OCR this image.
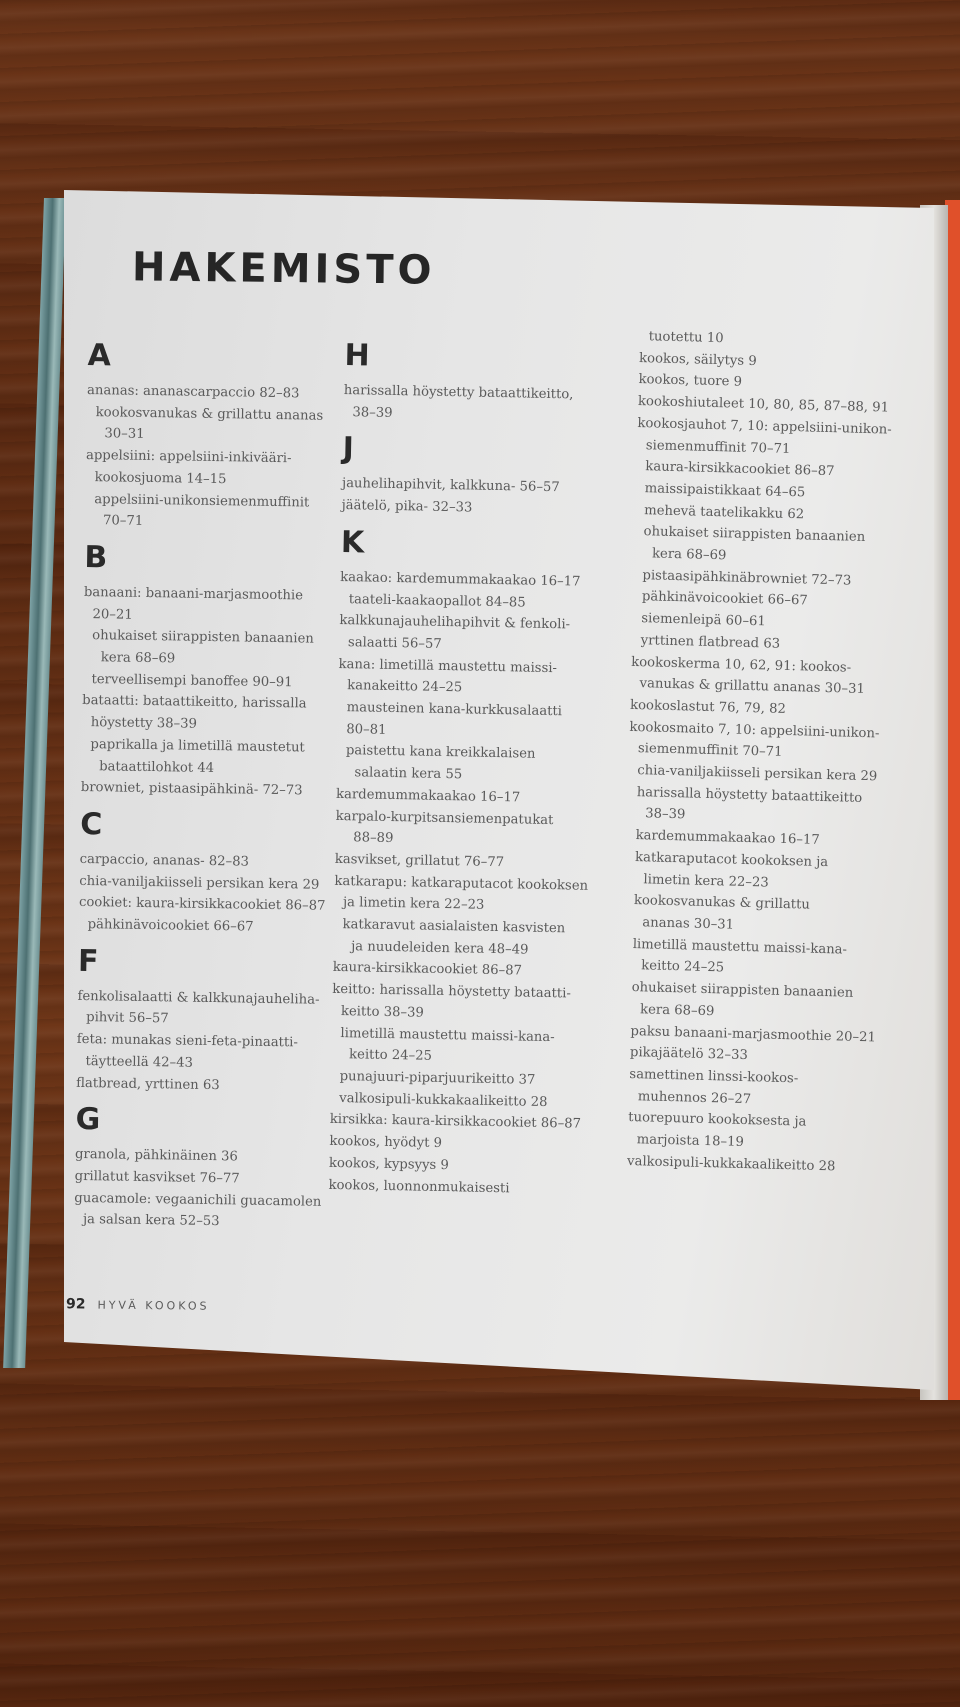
HAKEMISTO
A
ananas: ananascarpaccio 82–83
kookosvanukas & grillattu ananas
30–31
appelsiini: appelsiini-inkivääri-
kookosjuoma 14–15
appelsiini-unikonsiemenmuffinit
70–71
B
banaani: banaani-marjasmoothie
20–21
ohukaiset siirappisten banaanien
kera 68–69
terveellisempi banoffee 90–91
bataatti: bataattikeitto, harissalla
höystetty 38–39
paprikalla ja limetillä maustetut
bataattilohkot 44
browniet, pistaasipähkinä- 72–73
C
carpaccio, ananas- 82–83
chia-vaniljakiisseli persikan kera 29
cookiet: kaura-kirsikkacookiet 86–87
pähkinävoicookiet 66–67
F
fenkolisalaatti & kalkkunajauheliha-
pihvit 56–57
feta: munakas sieni-feta-pinaatti-
täytteellä 42–43
flatbread, yrttinen 63
G
granola, pähkinäinen 36
grillatut kasvikset 76–77
guacamole: vegaanichili guacamolen
ja salsan kera 52–53
H
harissalla höystetty bataattikeitto,
38–39
J
jauhelihapihvit, kalkkuna- 56–57
jäätelö, pika- 32–33
K
kaakao: kardemummakaakao 16–17
taateli-kaakaopallot 84–85
kalkkunajauhelihapihvit & fenkoli-
salaatti 56–57
kana: limetillä maustettu maissi-
kanakeitto 24–25
mausteinen kana-kurkkusalaatti
80–81
paistettu kana kreikkalaisen
salaatin kera 55
kardemummakaakao 16–17
karpalo-kurpitsansiemenpatukat
88–89
kasvikset, grillatut 76–77
katkarapu: katkaraputacot kookoksen
ja limetin kera 22–23
katkaravut aasialaisten kasvisten
ja nuudeleiden kera 48–49
kaura-kirsikkacookiet 86–87
keitto: harissalla höystetty bataatti-
keitto 38–39
limetillä maustettu maissi-kana-
keitto 24–25
punajuuri-piparjuurikeitto 37
valkosipuli-kukkakaalikeitto 28
kirsikka: kaura-kirsikkacookiet 86–87
kookos, hyödyt 9
kookos, kypsyys 9
kookos, luonnonmukaisesti
tuotettu 10
kookos, säilytys 9
kookos, tuore 9
kookoshiutaleet 10, 80, 85, 87–88, 91
kookosjauhot 7, 10: appelsiini-unikon-
siemenmuffinit 70–71
kaura-kirsikkacookiet 86–87
maissipaistikkaat 64–65
mehevä taatelikakku 62
ohukaiset siirappisten banaanien
kera 68–69
pistaasipähkinäbrowniet 72–73
pähkinävoicookiet 66–67
siemenleipä 60–61
yrttinen flatbread 63
kookoskerma 10, 62, 91: kookos-
vanukas & grillattu ananas 30–31
kookoslastut 76, 79, 82
kookosmaito 7, 10: appelsiini-unikon-
siemenmuffinit 70–71
chia-vaniljakiisseli persikan kera 29
harissalla höystetty bataattikeitto
38–39
kardemummakaakao 16–17
katkaraputacot kookoksen ja
limetin kera 22–23
kookosvanukas & grillattu
ananas 30–31
limetillä maustettu maissi-kana-
keitto 24–25
ohukaiset siirappisten banaanien
kera 68–69
paksu banaani-marjasmoothie 20–21
pikajäätelö 32–33
samettinen linssi-kookos-
muhennos 26–27
tuorepuuro kookoksesta ja
marjoista 18–19
valkosipuli-kukkakaalikeitto 28
92 HYVÄ KOOKOS
